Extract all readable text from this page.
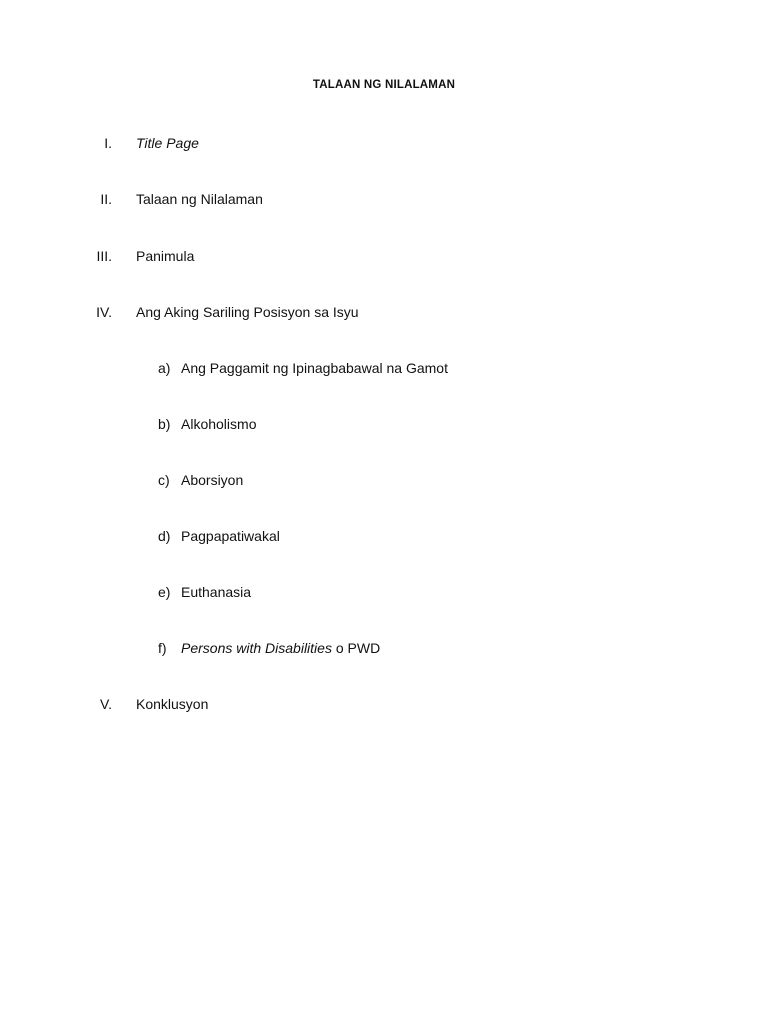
TALAAN NG NILALAMAN
I. Title Page
II. Talaan ng Nilalaman
III. Panimula
IV. Ang Aking Sariling Posisyon sa Isyu
a) Ang Paggamit ng Ipinagbabawal na Gamot
b) Alkoholismo
c) Aborsiyon
d) Pagpapatiwakal
e) Euthanasia
f) Persons with Disabilities o PWD
V. Konklusyon
